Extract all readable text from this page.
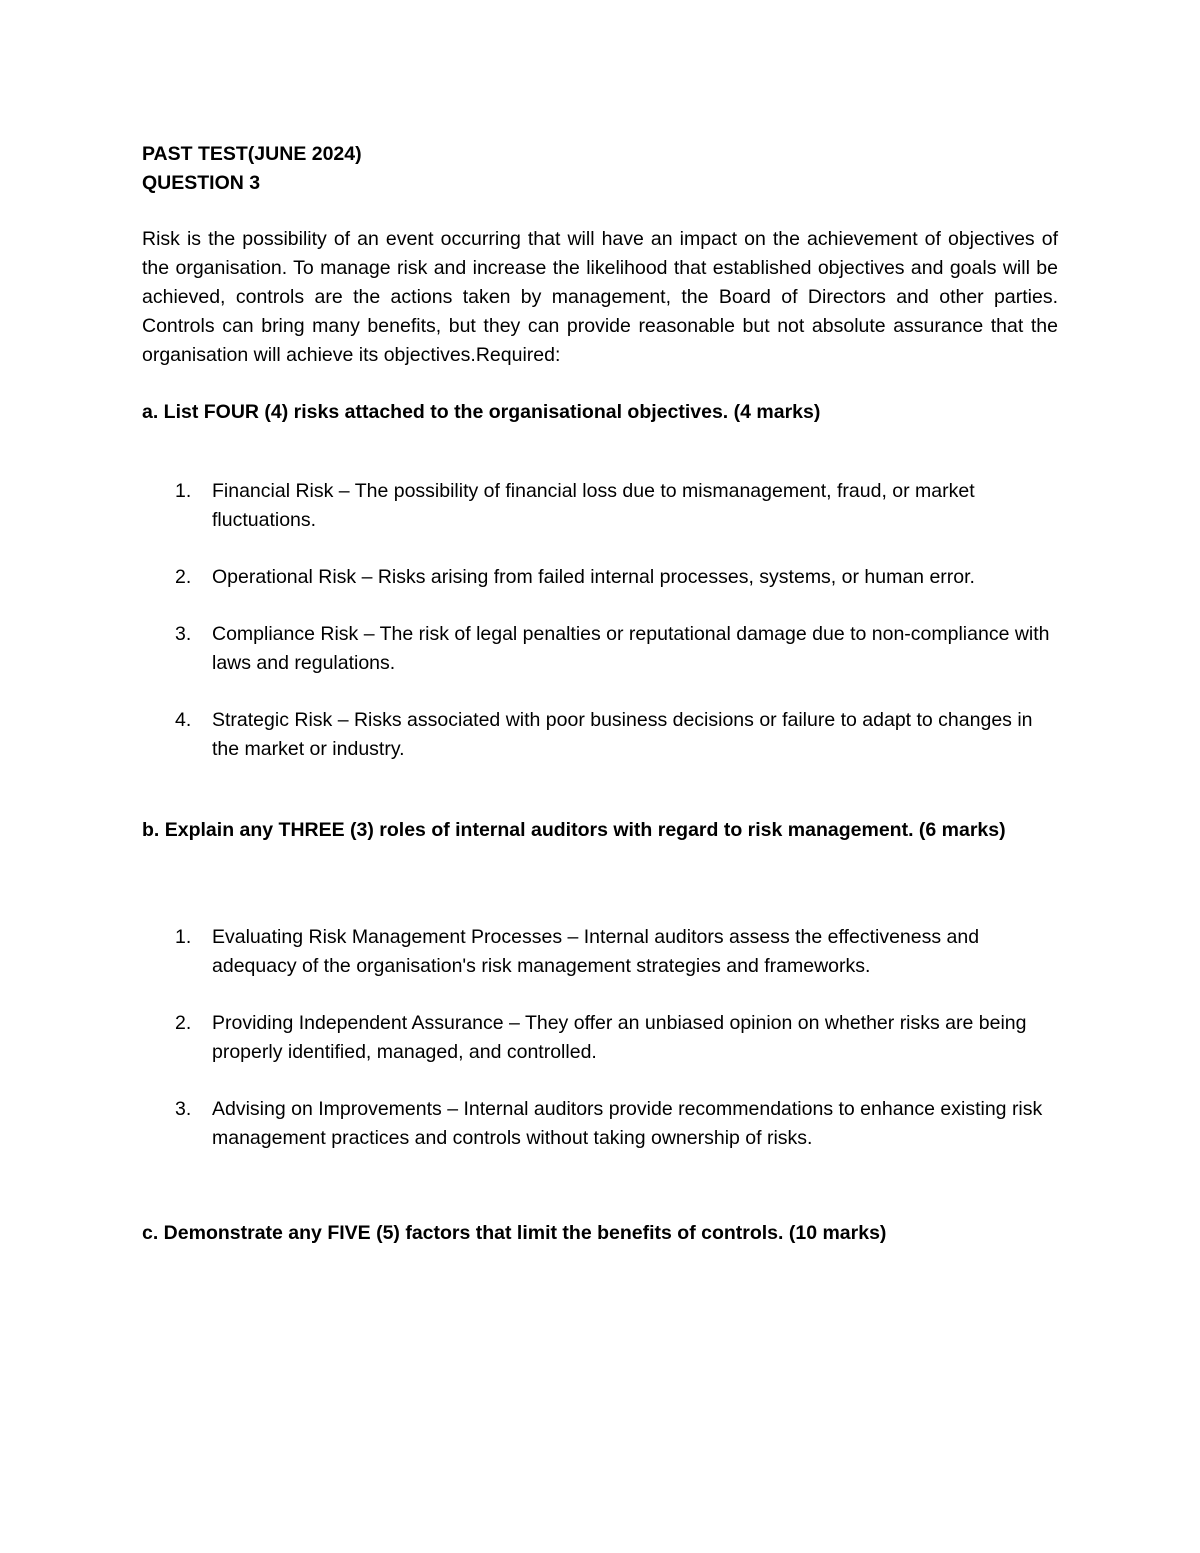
PAST TEST(JUNE 2024)

QUESTION 3

Risk is the possibility of an event occurring that will have an impact on the achievement of objectives of the organisation. To manage risk and increase the likelihood that established objectives and goals will be achieved, controls are the actions taken by management, the Board of Directors and other parties. Controls can bring many benefits, but they can provide reasonable but not absolute assurance that the organisation will achieve its objectives.Required:

a. List FOUR (4) risks attached to the organisational objectives. (4 marks)

1. Financial Risk – The possibility of financial loss due to mismanagement, fraud, or market fluctuations.
2. Operational Risk – Risks arising from failed internal processes, systems, or human error.
3. Compliance Risk – The risk of legal penalties or reputational damage due to non-compliance with laws and regulations.
4. Strategic Risk – Risks associated with poor business decisions or failure to adapt to changes in the market or industry.

b. Explain any THREE (3) roles of internal auditors with regard to risk management. (6 marks)

1. Evaluating Risk Management Processes – Internal auditors assess the effectiveness and adequacy of the organisation's risk management strategies and frameworks.
2. Providing Independent Assurance – They offer an unbiased opinion on whether risks are being properly identified, managed, and controlled.
3. Advising on Improvements – Internal auditors provide recommendations to enhance existing risk management practices and controls without taking ownership of risks.

c. Demonstrate any FIVE (5) factors that limit the benefits of controls. (10 marks)
